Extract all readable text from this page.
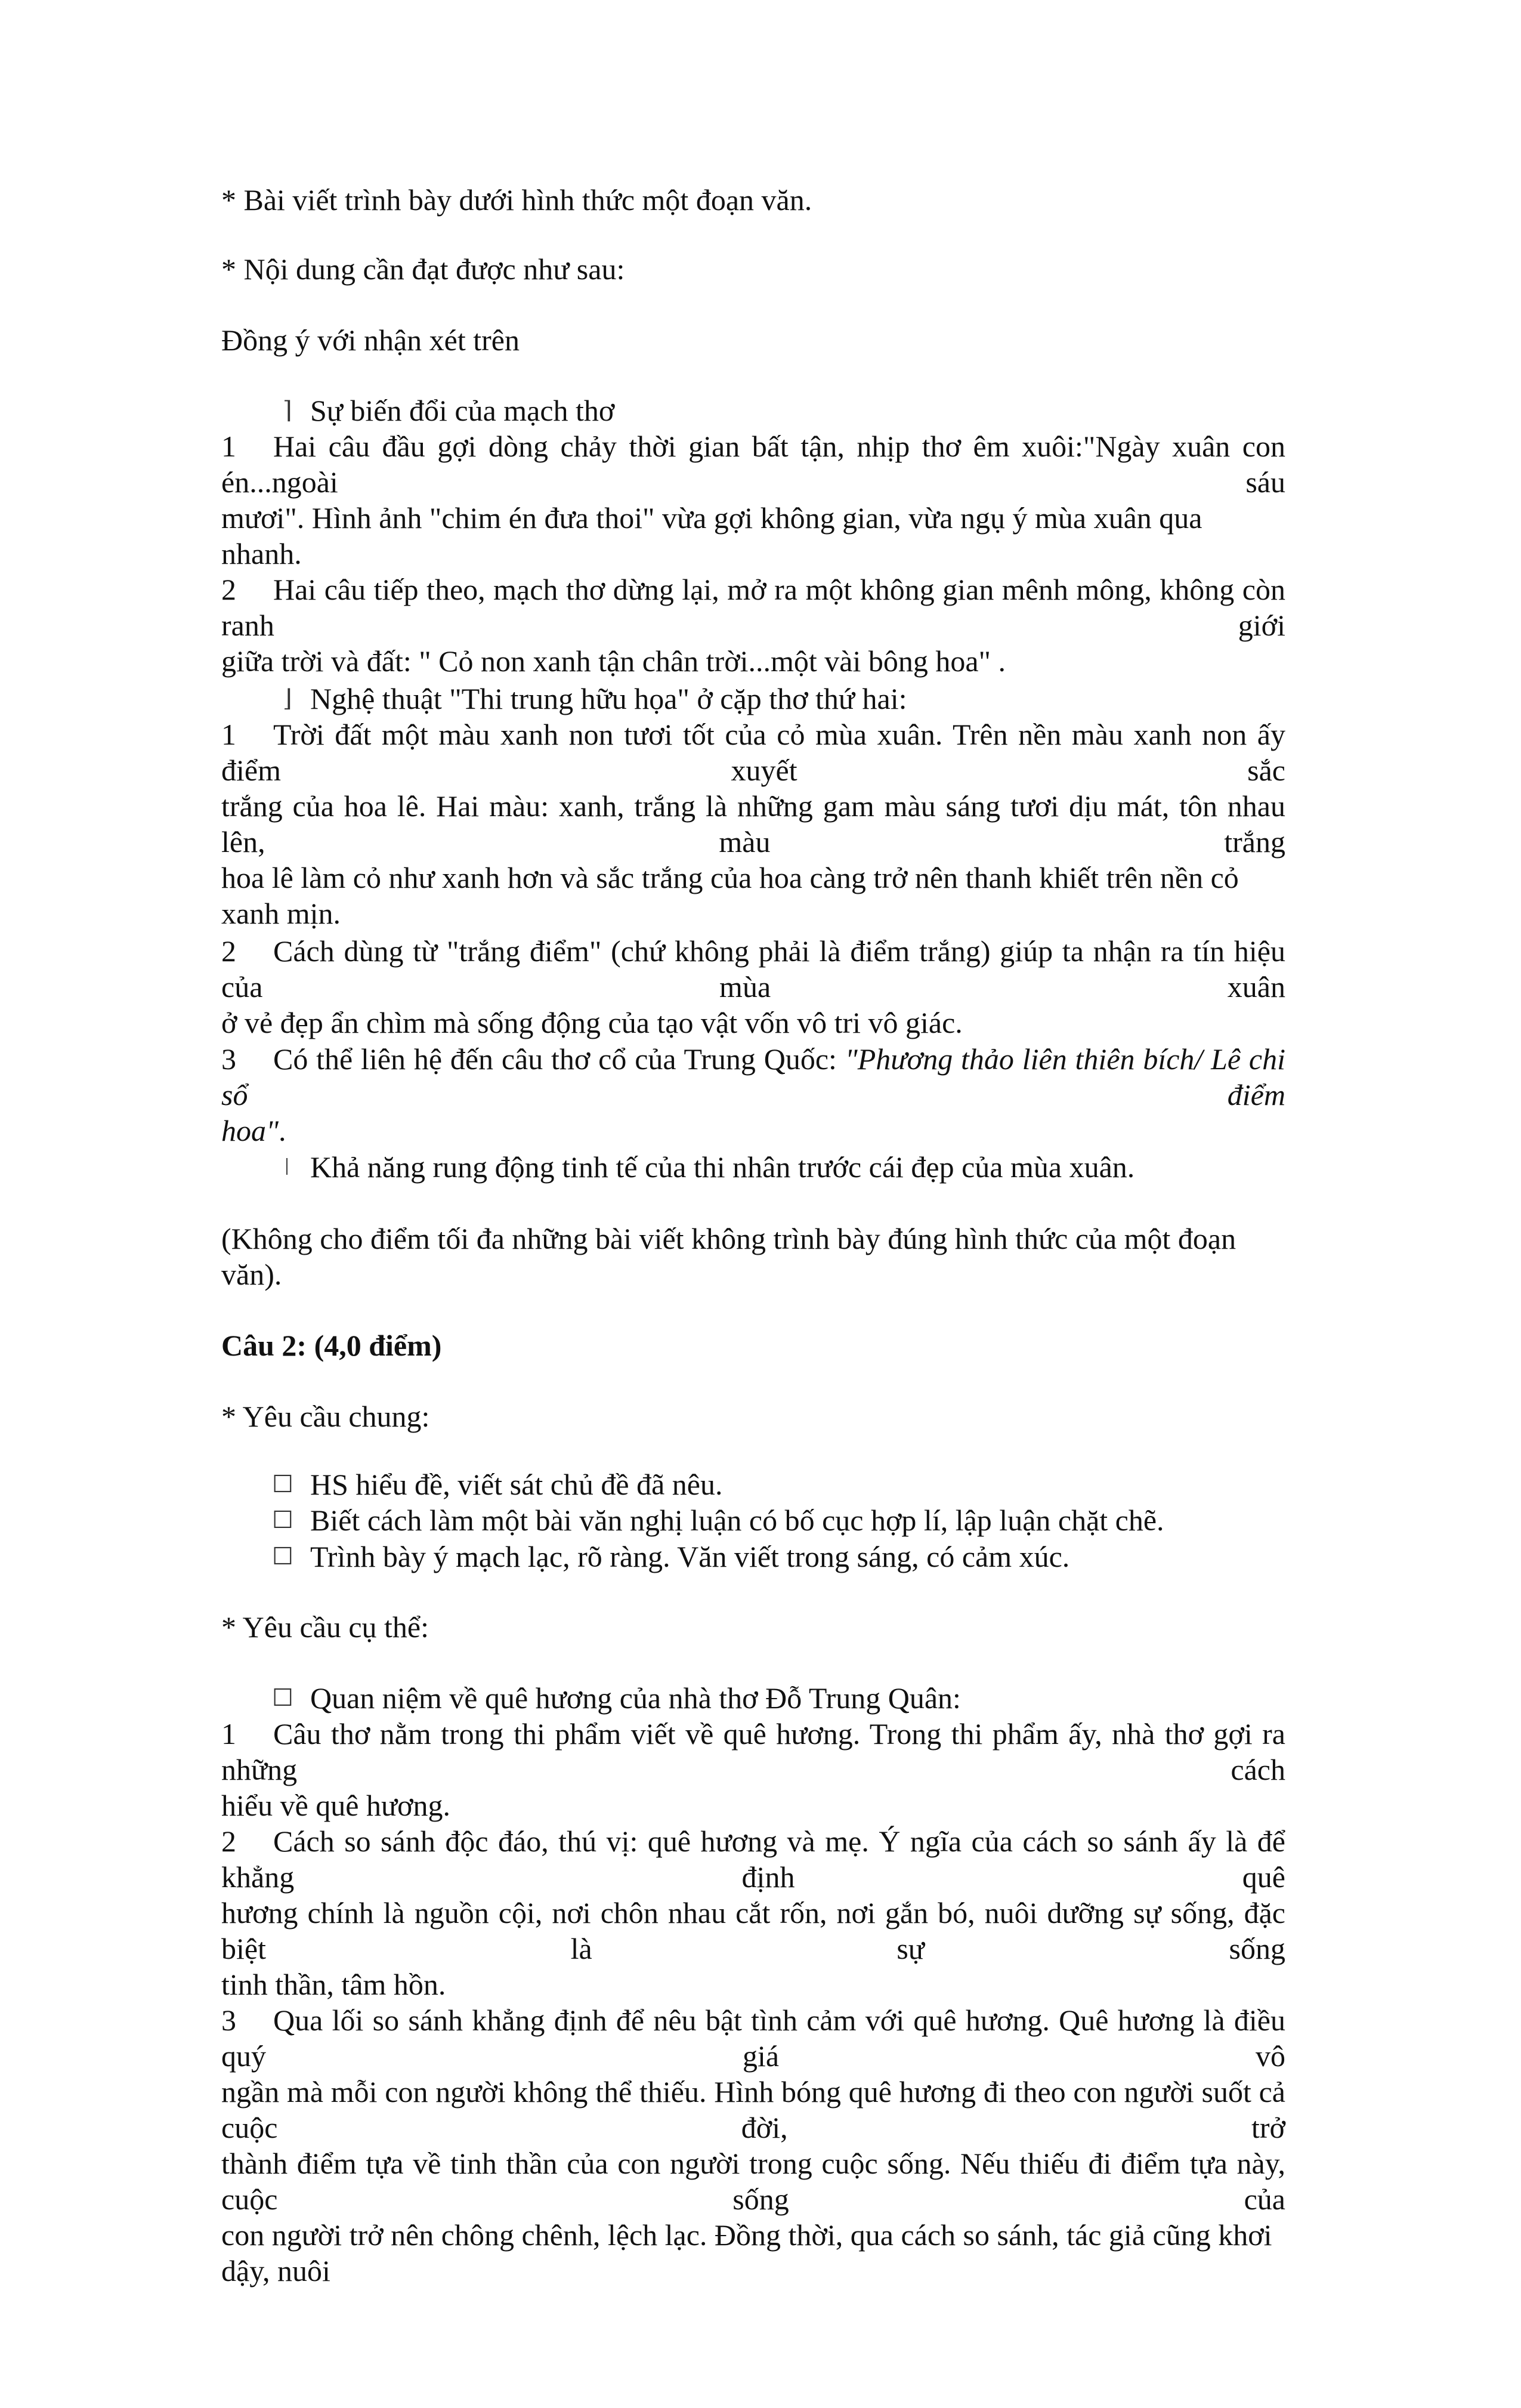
* Bài viết trình bày dưới hình thức một đoạn văn.
* Nội dung cần đạt được như sau:
Đồng ý với nhận xét trên
⌉ Sự biến đổi của mạch thơ
1 Hai câu đầu gợi dòng chảy thời gian bất tận, nhịp thơ êm xuôi:"Ngày xuân con én...ngoài sáu
mươi". Hình ảnh "chim én đưa thoi" vừa gợi không gian, vừa ngụ ý mùa xuân qua nhanh.
2 Hai câu tiếp theo, mạch thơ dừng lại, mở ra một không gian mênh mông, không còn ranh giới
giữa trời và đất: " Cỏ non xanh tận chân trời...một vài bông hoa" .
⌋ Nghệ thuật "Thi trung hữu họa" ở cặp thơ thứ hai:
1 Trời đất một màu xanh non tươi tốt của cỏ mùa xuân. Trên nền màu xanh non ấy điểm xuyết sắc
trắng của hoa lê. Hai màu: xanh, trắng là những gam màu sáng tươi dịu mát, tôn nhau lên, màu trắng
hoa lê làm cỏ như xanh hơn và sắc trắng của hoa càng trở nên thanh khiết trên nền cỏ xanh mịn.
2 Cách dùng từ "trắng điểm" (chứ không phải là điểm trắng) giúp ta nhận ra tín hiệu của mùa xuân
ở vẻ đẹp ẩn chìm mà sống động của tạo vật vốn vô tri vô giác.
3 Có thể liên hệ đến câu thơ cổ của Trung Quốc: "Phương thảo liên thiên bích/ Lê chi sổ điểm
hoa".
ǀ Khả năng rung động tinh tế của thi nhân trước cái đẹp của mùa xuân.
(Không cho điểm tối đa những bài viết không trình bày đúng hình thức của một đoạn văn).
Câu 2: (4,0 điểm)
* Yêu cầu chung:
☐ HS hiểu đề, viết sát chủ đề đã nêu.
☐ Biết cách làm một bài văn nghị luận có bố cục hợp lí, lập luận chặt chẽ.
☐ Trình bày ý mạch lạc, rõ ràng. Văn viết trong sáng, có cảm xúc.
* Yêu cầu cụ thể:
☐ Quan niệm về quê hương của nhà thơ Đỗ Trung Quân:
1 Câu thơ nằm trong thi phẩm viết về quê hương. Trong thi phẩm ấy, nhà thơ gợi ra những cách
hiểu về quê hương.
2 Cách so sánh độc đáo, thú vị: quê hương và mẹ. Ý ngĩa của cách so sánh ấy là để khẳng định quê
hương chính là nguồn cội, nơi chôn nhau cắt rốn, nơi gắn bó, nuôi dưỡng sự sống, đặc biệt là sự sống
tinh thần, tâm hồn.
3 Qua lối so sánh khẳng định để nêu bật tình cảm với quê hương. Quê hương là điều quý giá vô
ngần mà mỗi con người không thể thiếu. Hình bóng quê hương đi theo con người suốt cả cuộc đời, trở
thành điểm tựa về tinh thần của con người trong cuộc sống. Nếu thiếu đi điểm tựa này, cuộc sống của
con người trở nên chông chênh, lệch lạc. Đồng thời, qua cách so sánh, tác giả cũng khơi dậy, nuôi
